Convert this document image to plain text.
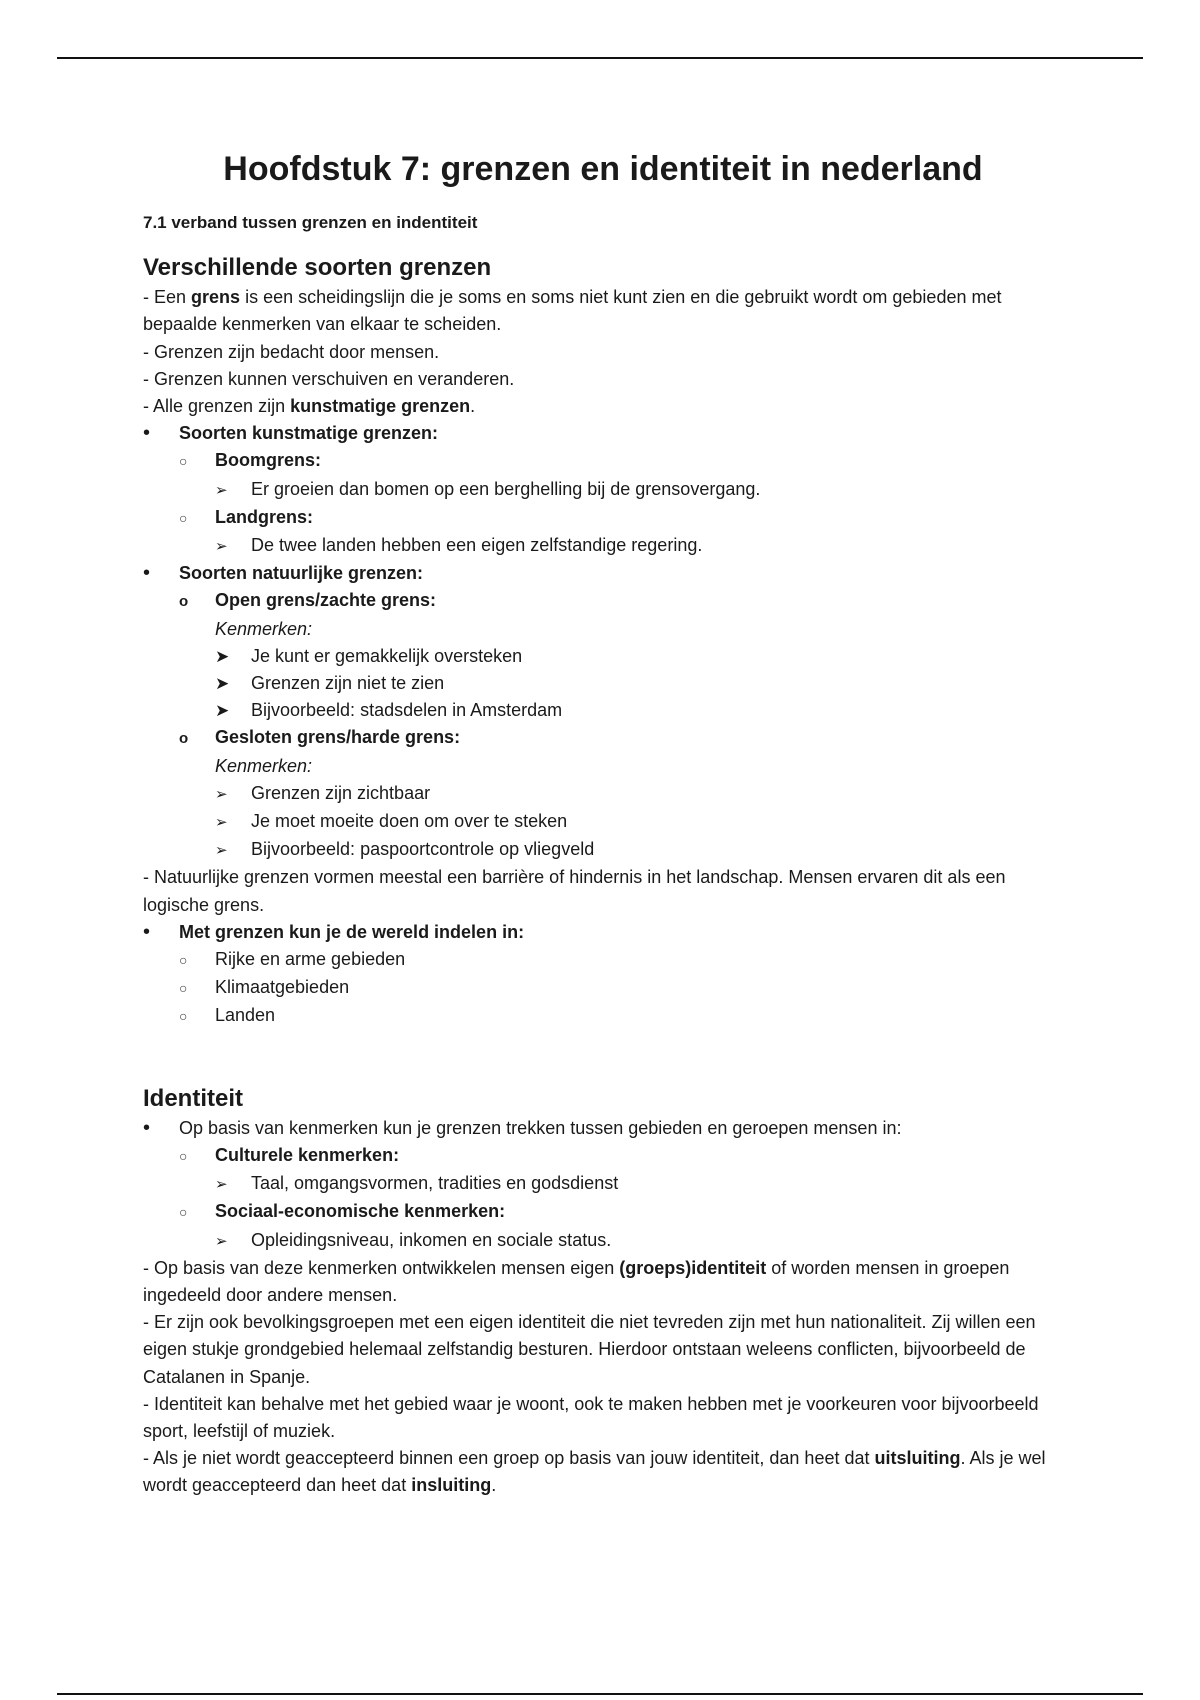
Hoofdstuk 7: grenzen en identiteit in nederland
7.1 verband tussen grenzen en indentiteit
Verschillende soorten grenzen

- Een grens is een scheidingslijn die je soms en soms niet kunt zien en die gebruikt wordt om gebieden met bepaalde kenmerken van elkaar te scheiden.

- Grenzen zijn bedacht door mensen.

- Grenzen kunnen verschuiven en veranderen.

- Alle grenzen zijn kunstmatige grenzen.

•	Soorten kunstmatige grenzen:
○	Boomgrens:
➢	Er groeien dan bomen op een berghelling bij de grensovergang.
○	Landgrens:
➢	De twee landen hebben een eigen zelfstandige regering.
•	Soorten natuurlijke grenzen:
o	Open grens/zachte grens:
Kenmerken:
➤	Je kunt er gemakkelijk oversteken
➤	Grenzen zijn niet te zien
➤	Bijvoorbeeld: stadsdelen in Amsterdam
o	Gesloten grens/harde grens:
Kenmerken:
➢	Grenzen zijn zichtbaar
➢	Je moet moeite doen om over te steken
➢	Bijvoorbeeld: paspoortcontrole op vliegveld

- Natuurlijke grenzen vormen meestal een barrière of hindernis in het landschap. Mensen ervaren dit als een logische grens.

•	Met grenzen kun je de wereld indelen in:
○	Rijke en arme gebieden
○	Klimaatgebieden
○	Landen
Identiteit
•	Op basis van kenmerken kun je grenzen trekken tussen gebieden en geroepen mensen in:
○	Culturele kenmerken:
➢	Taal, omgangsvormen, tradities en godsdienst
○	Sociaal-economische kenmerken:
➢	Opleidingsniveau, inkomen en sociale status.

- Op basis van deze kenmerken ontwikkelen mensen eigen (groeps)identiteit of worden mensen in groepen ingedeeld door andere mensen.

- Er zijn ook bevolkingsgroepen met een eigen identiteit die niet tevreden zijn met hun nationaliteit. Zij willen een eigen stukje grondgebied helemaal zelfstandig besturen. Hierdoor ontstaan weleens conflicten, bijvoorbeeld de Catalanen in Spanje.

- Identiteit kan behalve met het gebied waar je woont, ook te maken hebben met je voorkeuren voor bijvoorbeeld sport, leefstijl of muziek.

- Als je niet wordt geaccepteerd binnen een groep op basis van jouw identiteit, dan heet dat uitsluiting. Als je wel wordt geaccepteerd dan heet dat insluiting.
